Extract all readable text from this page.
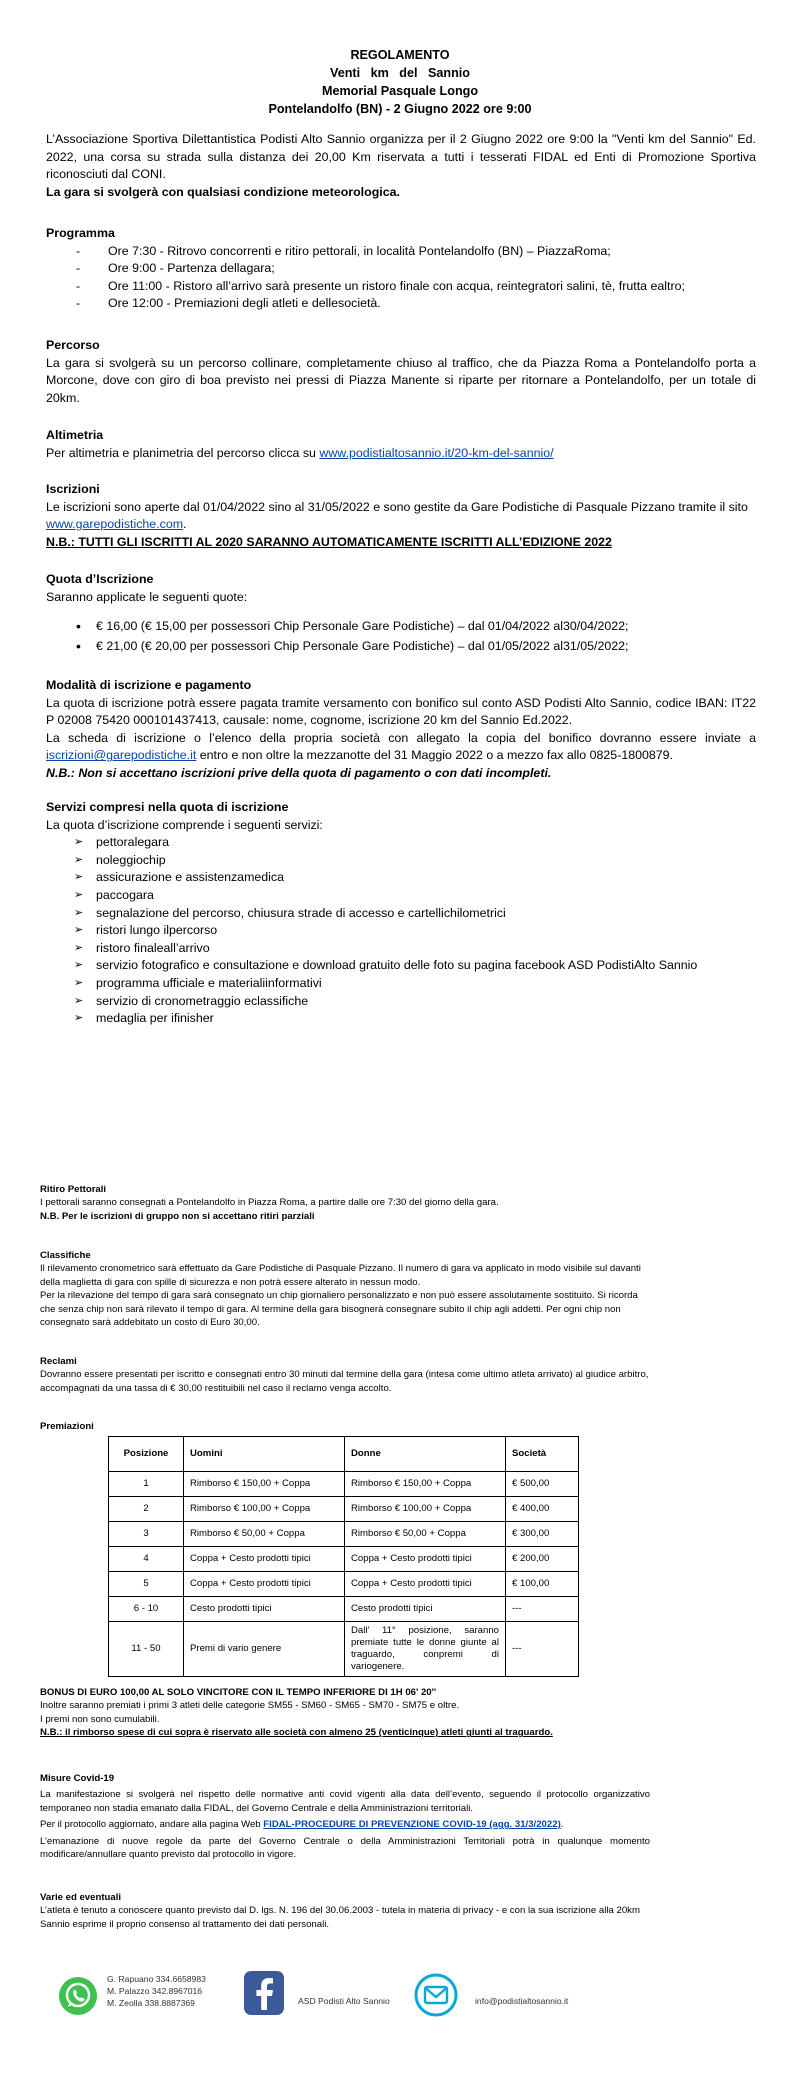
REGOLAMENTO
Venti   km   del   Sannio
Memorial Pasquale Longo
Pontelandolfo (BN) - 2 Giugno 2022 ore 9:00
L’Associazione Sportiva Dilettantistica Podisti Alto Sannio organizza per il 2 Giugno 2022 ore 9:00 la "Venti km del Sannio" Ed. 2022, una corsa su strada sulla distanza dei 20,00 Km riservata a tutti i tesserati FIDAL ed Enti di Promozione Sportiva riconosciuti dal CONI.
La gara si svolgerà con qualsiasi condizione meteorologica.
Programma
- Ore 7:30 - Ritrovo concorrenti e ritiro pettorali, in località Pontelandolfo (BN) – PiazzaRoma;
- Ore 9:00 - Partenza dellagara;
- Ore 11:00 - Ristoro all’arrivo sarà presente un ristoro finale con acqua, reintegratori salini, tè, frutta ealtro;
- Ore 12:00 - Premiazioni degli atleti e dellesocietà.
Percorso
La gara si svolgerà su un percorso collinare, completamente chiuso al traffico, che da Piazza Roma a Pontelandolfo porta a Morcone, dove con giro di boa previsto nei pressi di Piazza Manente si riparte per ritornare a Pontelandolfo, per un totale di 20km.
Altimetria
Per altimetria e planimetria del percorso clicca su www.podistialtosannio.it/20-km-del-sannio/
Iscrizioni
Le iscrizioni sono aperte dal 01/04/2022 sino al 31/05/2022 e sono gestite da Gare Podistiche di Pasquale Pizzano tramite il sito www.garepodistiche.com.
N.B.: TUTTI GLI ISCRITTI AL 2020 SARANNO AUTOMATICAMENTE ISCRITTI ALL’EDIZIONE 2022
Quota d’Iscrizione
Saranno applicate le seguenti quote:
• € 16,00 (€ 15,00 per possessori Chip Personale Gare Podistiche) – dal 01/04/2022 al30/04/2022;
• € 21,00 (€ 20,00 per possessori Chip Personale Gare Podistiche) – dal 01/05/2022 al31/05/2022;
Modalità di iscrizione e pagamento
La quota di iscrizione potrà essere pagata tramite versamento con bonifico sul conto ASD Podisti Alto Sannio, codice IBAN: IT22 P 02008 75420 000101437413, causale: nome, cognome, iscrizione 20 km del Sannio Ed.2022.
La scheda di iscrizione o l’elenco della propria società con allegato la copia del bonifico dovranno essere inviate a iscrizioni@garepodistiche.it entro e non oltre la mezzanotte del 31 Maggio 2022 o a mezzo fax allo 0825-1800879.
N.B.: Non si accettano iscrizioni prive della quota di pagamento o con dati incompleti.
Servizi compresi nella quota di iscrizione
La quota d’iscrizione comprende i seguenti servizi:
➢ pettoralegara
➢ noleggiochip
➢ assicurazione e assistenzamedica
➢ paccogara
➢ segnalazione del percorso, chiusura strade di accesso e cartellichilometrici
➢ ristori lungo ilpercorso
➢ ristoro finaleall’arrivo
➢ servizio fotografico e consultazione e download gratuito delle foto su pagina facebook ASD PodistiAlto Sannio
➢ programma ufficiale e materialiinformativi
➢ servizio di cronometraggio eclassifiche
➢ medaglia per ifinisher
Ritiro Pettorali
I pettorali saranno consegnati a Pontelandolfo in Piazza Roma, a partire dalle ore 7:30 del giorno della gara.
N.B. Per le iscrizioni di gruppo non si accettano ritiri parziali
Classifiche
Il rilevamento cronometrico sarà effettuato da Gare Podistiche di Pasquale Pizzano. Il numero di gara va applicato in modo visibile sul davanti della maglietta di gara con spille di sicurezza e non potrà essere alterato in nessun modo.
Per la rilevazione del tempo di gara sarà consegnato un chip giornaliero personalizzato e non può essere assolutamente sostituito. Si ricorda che senza chip non sarà rilevato il tempo di gara. Al termine della gara bisognerà consegnare subito il chip agli addetti. Per ogni chip non consegnato sarà addebitato un costo di Euro 30,00.
Reclami
Dovranno essere presentati per iscritto e consegnati entro 30 minuti dal termine della gara (intesa come ultimo atleta arrivato) al giudice arbitro, accompagnati da una tassa di € 30,00 restituibili nel caso il reclamo venga accolto.
Premiazioni
Posizione	Uomini	Donne	Società
1	Rimborso € 150,00 + Coppa	Rimborso € 150,00 + Coppa	€ 500,00
2	Rimborso € 100,00 + Coppa	Rimborso € 100,00 + Coppa	€ 400,00
3	Rimborso € 50,00 + Coppa	Rimborso € 50,00 + Coppa	€ 300,00
4	Coppa + Cesto prodotti tipici	Coppa + Cesto prodotti tipici	€ 200,00
5	Coppa + Cesto prodotti tipici	Coppa + Cesto prodotti tipici	€ 100,00
6 - 10	Cesto prodotti tipici	Cesto prodotti tipici	---
11 - 50	Premi di vario genere	Dall’ 11° posizione, saranno premiate tutte le donne giunte al traguardo, conpremi di variogenere.	---
BONUS DI EURO 100,00 AL SOLO VINCITORE CON IL TEMPO INFERIORE DI 1H 06' 20''
Inoltre saranno premiati i primi 3 atleti delle categorie SM55 - SM60 - SM65 - SM70 - SM75 e oltre.
I premi non sono cumulabili.
N.B.: il rimborso spese di cui sopra è riservato alle società con almeno 25 (venticinque) atleti giunti al traguardo.
Misure Covid-19
La manifestazione si svolgerà nel rispetto delle normative anti covid vigenti alla data dell’evento, seguendo il protocollo organizzativo temporaneo non stadia emanato dalla FIDAL, del Governo Centrale e della Amministrazioni territoriali.
Per il protocollo aggiornato, andare alla pagina Web FIDAL-PROCEDURE DI PREVENZIONE COVID-19 (agg. 31/3/2022).
L’emanazione di nuove regole da parte del Governo Centrale o della Amministrazioni Territoriali potrà in qualunque momento modificare/annullare quanto previsto dal protocollo in vigore.
Varie ed eventuali
L’atleta è tenuto a conoscere quanto previsto dal D. lgs. N. 196 del 30.06.2003 - tutela in materia di privacy - e con la sua iscrizione alla 20km Sannio esprime il proprio consenso al trattamento dei dati personali.
G. Rapuano 334.6658983
M. Palazzo 342.8967016
M. Zeolla 338.8887369	ASD Podisti Alto Sannio	info@podistialtosannio.it
